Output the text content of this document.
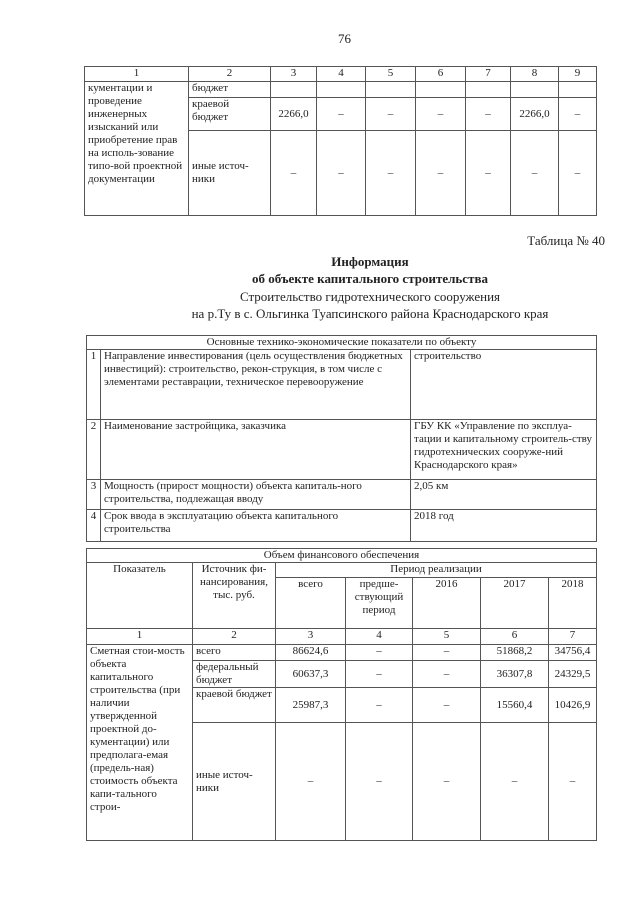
76
1	2	3	4	5	6	7	8	9
кументации и проведение инженерных изысканий или приобретение прав на исполь-зование типо-вой проектной документации	бюджет							
	краевой бюджет	2266,0	–	–	–	–	2266,0	–
	иные источ-ники	–	–	–	–	–	–	–
Таблица № 40
Информация
об объекте капитального строительства
Строительство гидротехнического сооружения
на р.Ту в с. Ольгинка Туапсинского района Краснодарского края
Основные технико-экономические показатели по объекту		
1	Направление инвестирования (цель осуществления бюджетных инвестиций): строительство, рекон-струкция, в том числе с элементами реставрации, техническое перевооружение	строительство
2	Наименование застройщика, заказчика	ГБУ КК «Управление по эксплуа-тации и капитальному строитель-ству гидротехнических сооруже-ний Краснодарского края»
3	Мощность (прирост мощности) объекта капиталь-ного строительства, подлежащая вводу	2,05 км
4	Срок ввода в эксплуатацию объекта капитального строительства	2018 год
Объем финансового обеспечения						
Показатель	Источник фи-нансирования, тыс. руб.	Период реализации				
		всего	предше-ствующий период	2016	2017	2018
1	2	3	4	5	6	7
Сметная стои-мость объекта капитального строительства (при наличии утвержденной проектной до-кументации) или предполага-емая (предель-ная) стоимость объекта капи-тального строи-	всего	86624,6	–	–	51868,2	34756,4
	федеральный бюджет	60637,3	–	–	36307,8	24329,5
	краевой бюджет	25987,3	–	–	15560,4	10426,9
	иные источ-ники	–	–	–	–	–
